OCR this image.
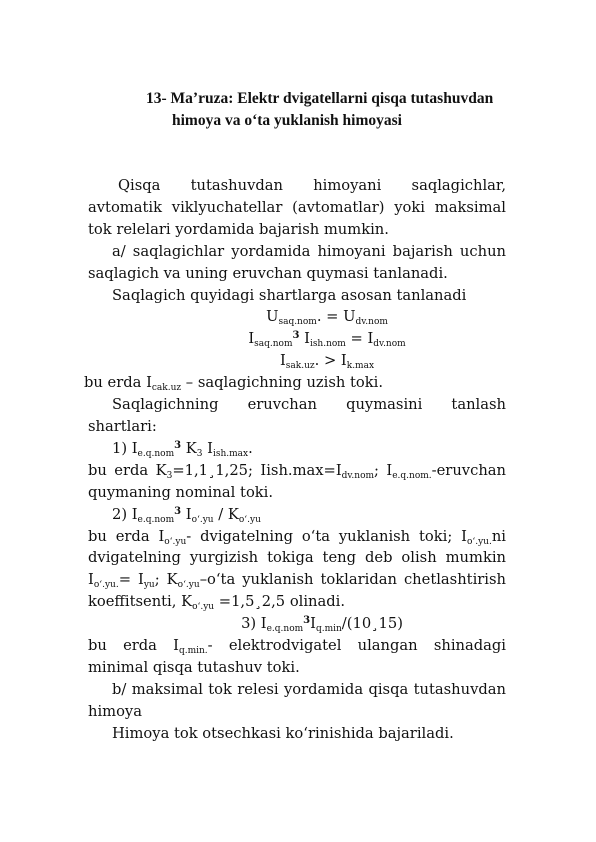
13- Ma’ruza: Elektr dvigatellarni qisqa tutashuvdan
himoya va o‘ta yuklanish himoyasi

Qisqa tutashuvdan himoyani saqlagichlar, avtomatik viklyuchatellar (avtomatlar) yoki maksimal tok relelari yordamida bajarish mumkin.

a/ saqlagichlar yordamida himoyani bajarish uchun saqlagich va uning eruvchan quymasi tanlanadi.

Saqlagich quyidagi shartlarga asosan tanlanadi

$U_{saq.nom}$. = $U_{dv.nom}$

$I_{saq.nom}^3$ $I_{ish.nom} = I_{dv.nom}$

$I_{sak.uz}$. > $I_{k.max}$

bu erda $I_{cak.uz}$ – saqlagichning uzish toki.

Saqlagichning eruvchan quymasini tanlash shartlari:

1) $I_{e.q.nom}^3$ $K_3$ $I_{ish.max}$.

bu erda $K_3=1,1¸1,25$; $Iish.\max=I_{dv.nom}$; $I_{e.q.nom.}$-eruvchan quymaning nominal toki.

2) $I_{e.q.nom}^3$ $I_{o‘.yu} / K_{o‘.yu}$

bu erda $I_{o‘.yu}-$ dvigatelning o‘ta yuklanish toki; $I_{o‘.yu.}ni$ dvigatelning yurgizish tokiga teng deb olish mumkin $I_{o‘.yu.}= I_{yu}$; $K_{o‘.yu}-o‘ta$ yuklanish toklaridan chetlashtirish koeffitsenti, $K_{o‘.yu}$ =1,5¸2,5 olinadi.

3) $I_{e.q.nom}^3I_{q.min}/(10¸15)$

bu erda $I_{q.min.}-$ elektrodvigatel ulangan shinadagi minimal qisqa tutashuv toki.

b/ maksimal tok relesi yordamida qisqa tutashuvdan himoya

Himoya tok otsechkasi ko‘rinishida bajariladi.
